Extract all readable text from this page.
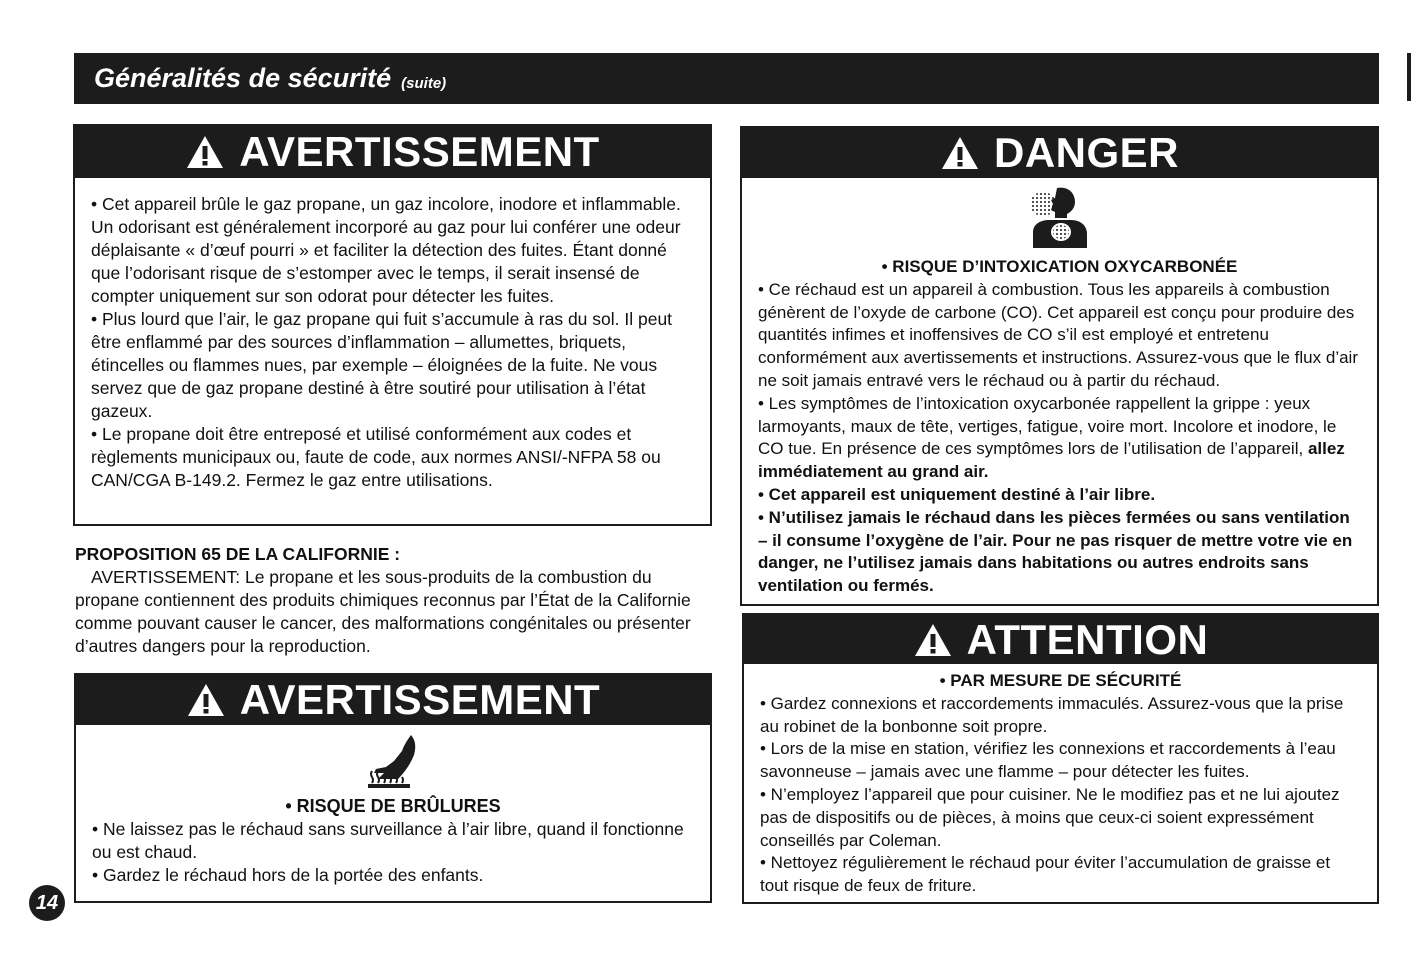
Généralités de sécurité (suite)
AVERTISSEMENT

• Cet appareil brûle le gaz propane, un gaz incolore, inodore et inflammable. Un odorisant est généralement incorporé au gaz pour lui conférer une odeur déplaisante « d’œuf pourri » et faciliter la détection des fuites. Étant donné que l’odorisant risque de s’estomper avec le temps, il serait insensé de compter uniquement sur son odorat pour détecter les fuites.

• Plus lourd que l’air, le gaz propane qui fuit s’accumule à ras du sol. Il peut être enflammé par des sources d’inflammation – allumettes, briquets, étincelles ou flammes nues, par exemple – éloignées de la fuite. Ne vous servez que de gaz propane destiné à être soutiré pour utilisation à l’état gazeux.

• Le propane doit être entreposé et utilisé conformément aux codes et règlements municipaux ou, faute de code, aux normes ANSI/-NFPA 58 ou CAN/CGA B-149.2. Fermez le gaz entre utilisations.

PROPOSITION 65 DE LA CALIFORNIE :

AVERTISSEMENT: Le propane et les sous-produits de la combustion du propane contiennent des produits chimiques reconnus par l’État de la Californie comme pouvant causer le cancer, des malformations congénitales ou présenter d’autres dangers pour la reproduction.

AVERTISSEMENT

• RISQUE DE BRÛLURES

• Ne laissez pas le réchaud sans surveillance à l’air libre, quand il fonctionne ou est chaud.

• Gardez le réchaud hors de la portée des enfants.

DANGER

• RISQUE D’INTOXICATION OXYCARBONÉE

• Ce réchaud est un appareil à combustion. Tous les appareils à combustion génèrent de l’oxyde de carbone (CO). Cet appareil est conçu pour produire des quantités infimes et inoffensives de CO s’il est employé et entretenu conformément aux avertissements et instructions. Assurez-vous que le flux d’air ne soit jamais entravé vers le réchaud ou à partir du réchaud.

• Les symptômes de l’intoxication oxycarbonée rappellent la grippe : yeux larmoyants, maux de tête, vertiges, fatigue, voire mort. Incolore et inodore, le CO tue. En présence de ces symptômes lors de l’utilisation de l’appareil, allez immédiatement au grand air.

• Cet appareil est uniquement destiné à l’air libre.

• N’utilisez jamais le réchaud dans les pièces fermées ou sans ventilation – il consume l’oxygène de l’air. Pour ne pas risquer de mettre votre vie en danger, ne l’utilisez jamais dans habitations ou autres endroits sans ventilation ou fermés.

ATTENTION

• PAR MESURE DE SÉCURITÉ

• Gardez connexions et raccordements immaculés. Assurez-vous que la prise au robinet de la bonbonne soit propre.

• Lors de la mise en station, vérifiez les connexions et raccordements à l’eau savonneuse – jamais avec une flamme – pour détecter les fuites.

• N’employez l’appareil que pour cuisiner. Ne le modifiez pas et ne lui ajoutez pas de dispositifs ou de pièces, à moins que ceux-ci soient expressément conseillés par Coleman.

• Nettoyez régulièrement le réchaud pour éviter l’accumulation de graisse et tout risque de feux de friture.

14
